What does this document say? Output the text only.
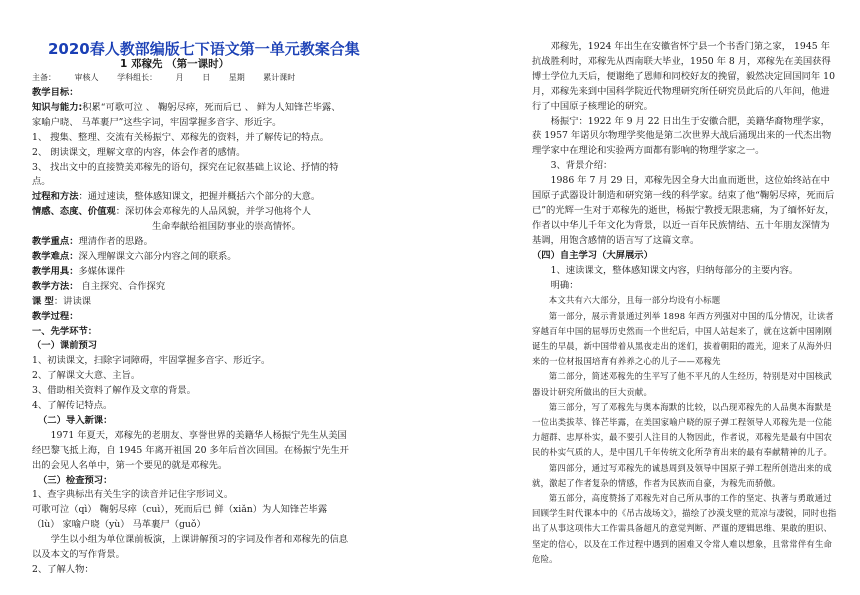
2020春人教部编版七下语文第一单元教案合集
1 邓稼先 （第一课时）
主备： 审核人 学科组长： 月 日 星期 累计课时

教学目标：

知识与能力:积累“可歌可泣 、 鞠躬尽瘁，死而后已 、 鲜为人知锋芒毕露、 家喻户晓、 马革裹尸”这些字词，牢固掌握多音字、形近字。

1、 搜集、整理、交流有关杨振宁、邓稼先的资料，并了解传记的特点。

2、 朗读课文，理解文章的内容，体会作者的感情。

3、 找出文中的直接赞美邓稼先的语句，探究在记叙基础上议论、抒情的特点。

过程和方法：通过速读，整体感知课文，把握并概括六个部分的大意。

情感、态度、价值观：深切体会邓稼先的人品风貌，并学习他将个人

生命奉献给祖国防事业的崇高情怀。

教学重点：理清作者的思路。

教学难点：深入理解课文六部分内容之间的联系。

教学用具：多媒体课件

教学方法： 自主探究、合作探究

课 型：讲读课

教学过程：

一、先学环节：

（一）课前预习

1、初读课文，扫除字词障碍，牢固掌握多音字、形近字。

2、了解课文大意、主旨。

3、借助相关资料了解作及文章的背景。

4、了解传记特点。

（二）导入新课：

1971 年夏天，邓稼先的老朋友、享誉世界的美籍华人杨振宁先生从美国经巴黎飞抵上海，自 1945 年离开祖国 20 多年后首次回国。在杨振宁先生开出的会见人名单中，第一个要见的就是邓稼先。

（三）检查预习：

1、查字典标出有关生字的读音并记住字形词义。

可歌可泣（qì） 鞠躬尽瘁（cuì），死而后已 鲜（xiǎn）为人知锋芒毕露（lù） 家喻户晓（yù） 马革裹尸（guǒ）

学生以小组为单位课前板演，上课讲解预习的字词及作者和邓稼先的信息以及本文的写作背景。

2、了解人物：

邓稼先，1924 年出生在安徽省怀宁县一个书香门第之家， 1945 年抗战胜利时，邓稼先从西南联大毕业，1950 年 8 月，邓稼先在美国获得博士学位九天后，便谢绝了恩师和同校好友的挽留，毅然决定回国同年 10 月，邓稼先来到中国科学院近代物理研究所任研究员此后的八年间，他进行了中国原子核理论的研究。

杨振宁：1922 年 9 月 22 日出生于安徽合肥，美籍华裔物理学家，获 1957 年诺贝尔物理学奖他是第二次世界大战后涌现出来的一代杰出物理学家中在理论和实验两方面都有影响的物理学家之一。

3、背景介绍：

1986 年 7 月 29 日，邓稼先因全身大出血而逝世，这位始终站在中国原子武器设计制造和研究第一线的科学家。结束了他“鞠躬尽瘁，死而后已”的光辉一生对于邓稼先的逝世，杨振宁教授无限悲痛，为了缅怀好友，作者以中华儿千年文化为背景，以近一百年民族情结、五十年朋友深情为基调，用饱含感情的语言写了这篇文章。

（四）自主学习（大屏展示）

1、速读课文，整体感知课文内容，归纳每部分的主要内容。

明确：

本文共有六大部分，且每一部分均设有小标题

第一部分，展示背景通过列举 1898 年西方列强对中国的瓜分情况，让读者穿越百年中国的屈辱历史然而一个世纪后，中国人站起来了，就在这新中国刚刚诞生的早晨，新中国带着从黑夜走出的迷们，拔着朝阳的霞光，迎来了从海外归来的一位材报国培育有养养之心的儿子——邓稼先

第二部分，简述邓稼先的生平写了他不平凡的人生经历，特别是对中国核武器设计研究所做出的巨大贡献。

第三部分，写了邓稼先与奥本海默的比较，以凸现邓稼先的人品奥本海默是一位出类拔萃、锋芒毕露，在美国家喻户晓的原子弹工程领导人邓稼先是一位能力超群、忠厚朴实，最不要引人注目的人物因此，作者说，邓稼先是最有中国农民的朴实气质的人，是中国几千年传统文化所孕育出来的最有奉献精神的儿子。

第四部分，通过写邓稼先的诚恳周到及领导中国原子弹工程所创造出来的成就，激起了作者复杂的情感，作者为民族而自豪，为稼先而骄傲。

第五部分，高度赞扬了邓稼先对自己所从事的工作的坚定、执著与勇敢通过回顾学生时代课本中的《吊古战场文》，描绘了沙漠戈壁的荒凉与凄锐，同时也指出了从事这项伟大工作需具备超凡的意觉判断、严谨的逻辑思维、果敢的胆识、坚定的信心，以及在工作过程中遇到的困难又令常人难以想象，且常常伴有生命危险。
